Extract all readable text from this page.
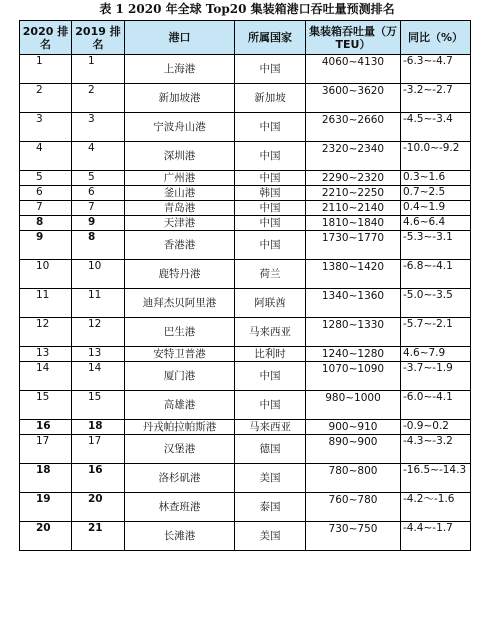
表 1 2020 年全球 Top20 集装箱港口吞吐量预测排名
2020 排名	2019 排名	港口	所属国家	集装箱吞吐量（万 TEU）	同比（%）
1	1	上海港	中国	4060~4130	-6.3~-4.7
2	2	新加坡港	新加坡	3600~3620	-3.2~-2.7
3	3	宁波舟山港	中国	2630~2660	-4.5~-3.4
4	4	深圳港	中国	2320~2340	-10.0~-9.2
5	5	广州港	中国	2290~2320	0.3~1.6
6	6	釜山港	韩国	2210~2250	0.7~2.5
7	7	青岛港	中国	2110~2140	0.4~1.9
8	9	天津港	中国	1810~1840	4.6~6.4
9	8	香港港	中国	1730~1770	-5.3~-3.1
10	10	鹿特丹港	荷兰	1380~1420	-6.8~-4.1
11	11	迪拜杰贝阿里港	阿联酋	1340~1360	-5.0~-3.5
12	12	巴生港	马来西亚	1280~1330	-5.7~-2.1
13	13	安特卫普港	比利时	1240~1280	4.6~7.9
14	14	厦门港	中国	1070~1090	-3.7~-1.9
15	15	高雄港	中国	980~1000	-6.0~-4.1
16	18	丹戎帕拉帕斯港	马来西亚	900~910	-0.9~0.2
17	17	汉堡港	德国	890~900	-4.3~-3.2
18	16	洛杉矶港	美国	780~800	-16.5~-14.3
19	20	林查班港	泰国	760~780	-4.2～-1.6
20	21	长滩港	美国	730~750	-4.4~-1.7
